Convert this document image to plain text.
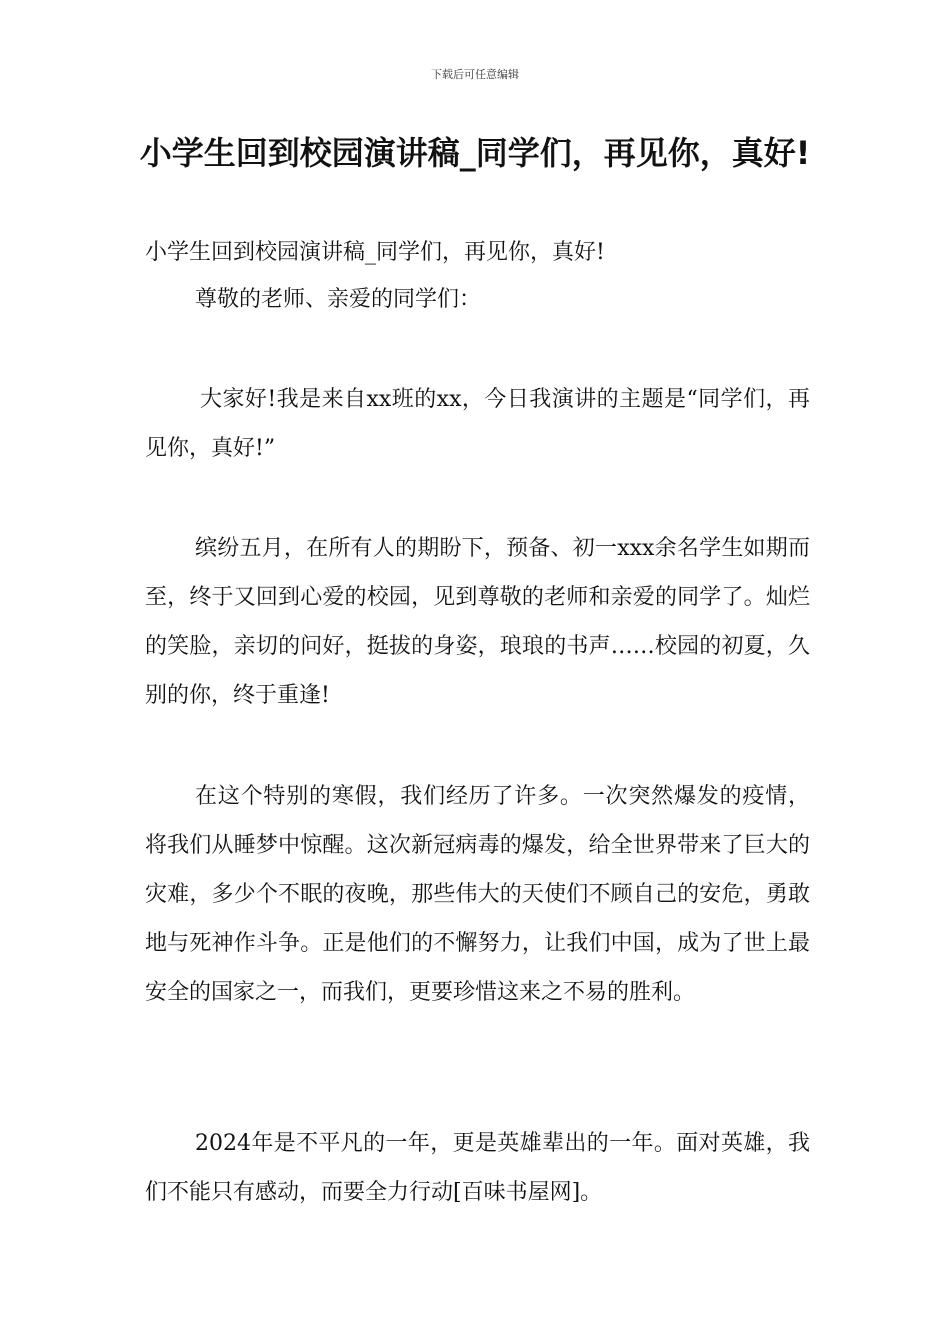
下载后可任意编辑
小学生回到校园演讲稿_同学们，再见你，真好!

小学生回到校园演讲稿_同学们，再见你，真好!

尊敬的老师、亲爱的同学们：

大家好!我是来自xx班的xx，今日我演讲的主题是“同学们，再见你，真好!”

缤纷五月，在所有人的期盼下，预备、初一xxx余名学生如期而至，终于又回到心爱的校园，见到尊敬的老师和亲爱的同学了。灿烂的笑脸，亲切的问好，挺拔的身姿，琅琅的书声……校园的初夏，久别的你，终于重逢!

在这个特别的寒假，我们经历了许多。一次突然爆发的疫情，将我们从睡梦中惊醒。这次新冠病毒的爆发，给全世界带来了巨大的灾难，多少个不眠的夜晚，那些伟大的天使们不顾自己的安危，勇敢地与死神作斗争。正是他们的不懈努力，让我们中国，成为了世上最安全的国家之一，而我们，更要珍惜这来之不易的胜利。

2024年是不平凡的一年，更是英雄辈出的一年。面对英雄，我们不能只有感动，而要全力行动[百味书屋网]。
